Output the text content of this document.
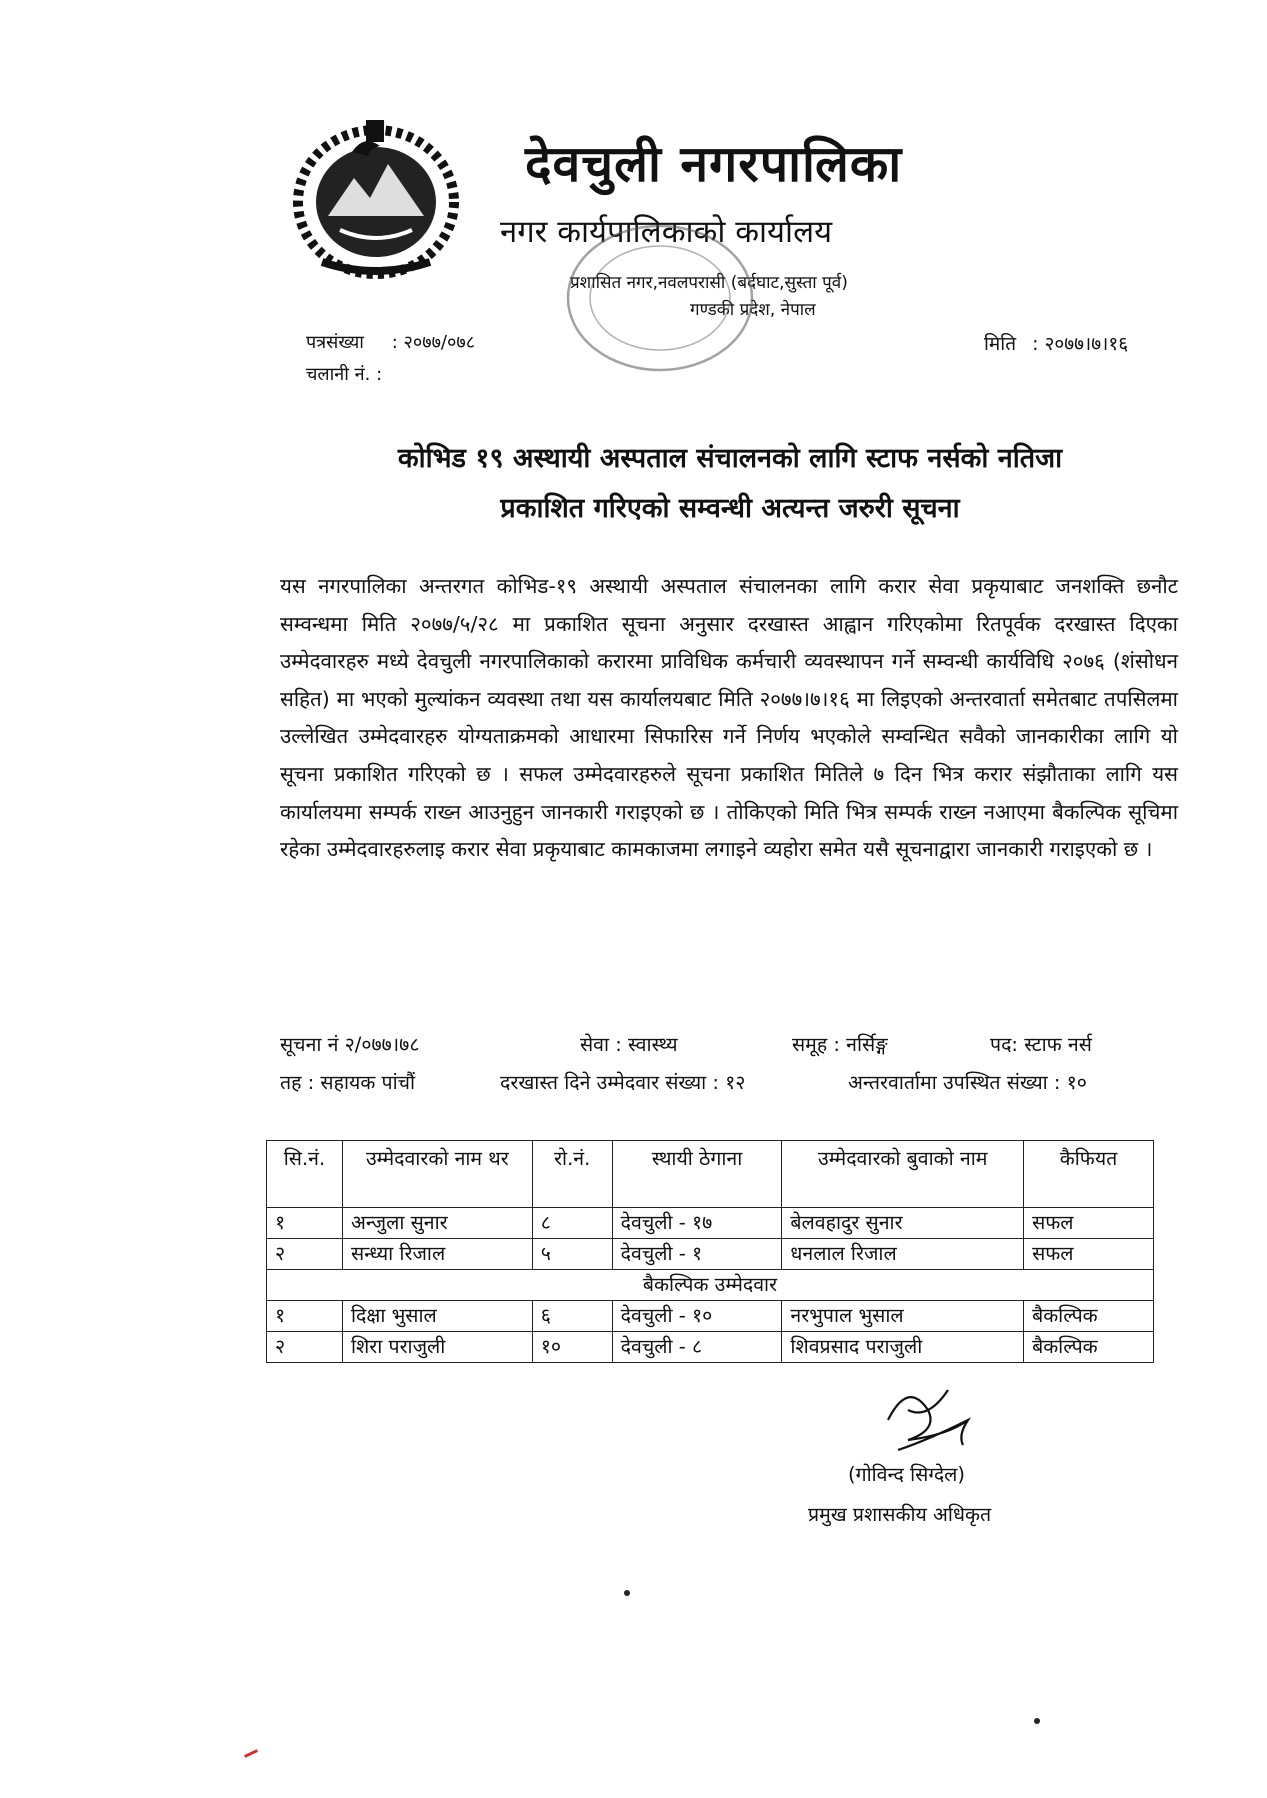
देवचुली नगरपालिका
नगर कार्यपालिकाको कार्यालय
प्रशासित नगर,नवलपरासी (बर्दघाट,सुस्ता पूर्व)
गण्डकी प्रदेश, नेपाल
पत्रसंख्या : २०७७/०७८
चलानी नं. :
मिति : २०७७।७।१६
कोभिड १९ अस्थायी अस्पताल संचालनको लागि स्टाफ नर्सको नतिजा
प्रकाशित गरिएको सम्वन्धी अत्यन्त जरुरी सूचना
यस नगरपालिका अन्तरगत कोभिड-१९ अस्थायी अस्पताल संचालनका लागि करार सेवा प्रकृयाबाट जनशक्ति छनौट सम्वन्धमा मिति २०७७/५/२८ मा प्रकाशित सूचना अनुसार दरखास्त आह्वान गरिएकोमा रितपूर्वक दरखास्त दिएका उम्मेदवारहरु मध्ये देवचुली नगरपालिकाको करारमा प्राविधिक कर्मचारी व्यवस्थापन गर्ने सम्वन्धी कार्यविधि २०७६ (शंसोधन सहित) मा भएको मुल्यांकन व्यवस्था तथा यस कार्यालयबाट मिति २०७७।७।१६ मा लिइएको अन्तरवार्ता समेतबाट तपसिलमा उल्लेखित उम्मेदवारहरु योग्यताक्रमको आधारमा सिफारिस गर्ने निर्णय भएकोले सम्वन्धित सवैको जानकारीका लागि यो सूचना प्रकाशित गरिएको छ । सफल उम्मेदवारहरुले सूचना प्रकाशित मितिले ७ दिन भित्र करार संझौताका लागि यस कार्यालयमा सम्पर्क राख्न आउनुहुन जानकारी गराइएको छ । तोकिएको मिति भित्र सम्पर्क राख्न नआएमा बैकल्पिक सूचिमा रहेका उम्मेदवारहरुलाइ करार सेवा प्रकृयाबाट कामकाजमा लगाइने व्यहोरा समेत यसै सूचनाद्वारा जानकारी गराइएको छ ।
सूचना नं २/०७७।७८	सेवा : स्वास्थ्य	समूह : नर्सिङ्ग	पद: स्टाफ नर्स
तह : सहायक पांचौं	दरखास्त दिने उम्मेदवार संख्या : १२	अन्तरवार्तामा उपस्थित संख्या : १०
सि.नं.	उम्मेदवारको नाम थर	रो.नं.	स्थायी ठेगाना	उम्मेदवारको बुवाको नाम	कैफियत
१	अन्जुला सुनार	८	देवचुली - १७	बेलवहादुर सुनार	सफल
२	सन्ध्या रिजाल	५	देवचुली - १	धनलाल रिजाल	सफल
बैकल्पिक उम्मेदवार					
१	दिक्षा भुसाल	६	देवचुली - १०	नरभुपाल भुसाल	बैकल्पिक
२	शिरा पराजुली	१०	देवचुली - ८	शिवप्रसाद पराजुली	बैकल्पिक
(गोविन्द सिग्देल)
प्रमुख प्रशासकीय अधिकृत
